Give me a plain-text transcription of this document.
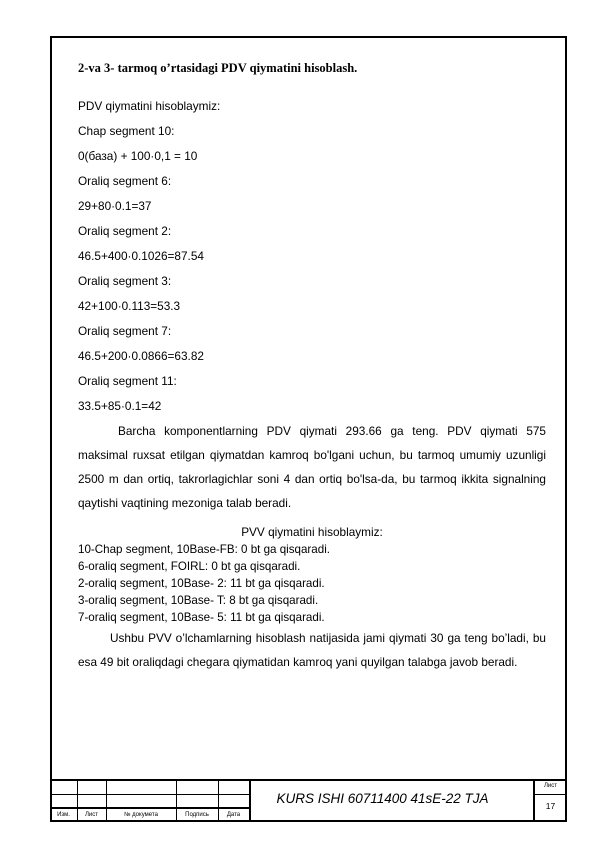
2-va 3- tarmoq o’rtasidagi PDV qiymatini hisoblash.
PDV qiymatini hisoblaymiz:
Chap segment 10:
0(база) + 100·0,1 = 10
Oraliq segment 6:
29+80·0.1=37
Oraliq segment 2:
46.5+400·0.1026=87.54
Oraliq segment 3:
42+100·0.113=53.3
Oraliq segment 7:
46.5+200·0.0866=63.82
Oraliq segment 11:
33.5+85·0.1=42

Barcha komponentlarning PDV qiymati 293.66 ga teng. PDV qiymati 575 maksimal ruxsat etilgan qiymatdan kamroq bo'lgani uchun, bu tarmoq umumiy uzunligi 2500 m dan ortiq, takrorlagichlar soni 4 dan ortiq bo'lsa-da, bu tarmoq ikkita signalning qaytishi vaqtining mezoniga talab beradi.

PVV qiymatini hisoblaymiz:
10-Chap segment, 10Base-FB: 0 bt ga qisqaradi.
6-oraliq segment, FOIRL: 0 bt ga qisqaradi.
2-oraliq segment, 10Base- 2: 11 bt ga qisqaradi.
3-oraliq segment, 10Base- T: 8 bt ga qisqaradi.
7-oraliq segment, 10Base- 5: 11 bt ga qisqaradi.

Ushbu PVV o’lchamlarning hisoblash natijasida jami qiymati 30 ga teng bo’ladi, bu esa 49 bit oraliqdagi chegara qiymatidan kamroq yani quyilgan talabga javob beradi.

Изм.	Лист	№ докумета	Подпись	Дата
KURS ISHI 60711400 41sE-22 TJA
Лист
17
